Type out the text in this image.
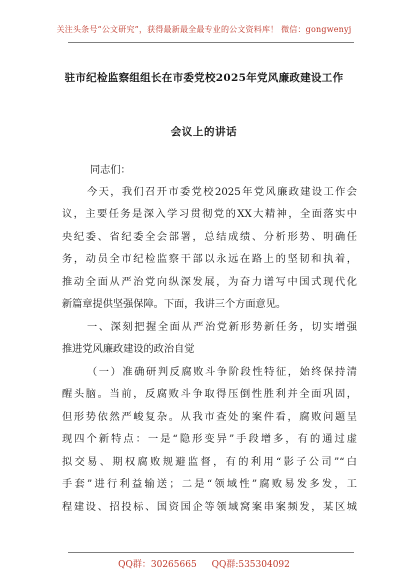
关注头条号“公文研究”，获得最新最全最专业的公文资料库！ 微信：gongwenyj
驻市纪检监察组组长在市委党校2025年党风廉政建设工作
会议上的讲话
同志们：
今天，我们召开市委党校2025年党风廉政建设工作会
议，主要任务是深入学习贯彻党的XX大精神，全面落实中
央纪委、省纪委全会部署，总结成绩、分析形势、明确任
务，动员全市纪检监察干部以永远在路上的坚韧和执着，
推动全面从严治党向纵深发展，为奋力谱写中国式现代化
新篇章提供坚强保障。下面，我讲三个方面意见。
一、深刻把握全面从严治党新形势新任务，切实增强
推进党风廉政建设的政治自觉
（一）准确研判反腐败斗争阶段性特征，始终保持清
醒头脑。当前，反腐败斗争取得压倒性胜利并全面巩固，
但形势依然严峻复杂。从我市查处的案件看，腐败问题呈
现四个新特点：一是“隐形变异”手段增多，有的通过虚
拟交易、期权腐败规避监督，有的利用“影子公司”“白
手套”进行利益输送；二是“领域性”腐败易发多发，工
程建设、招投标、国资国企等领域窝案串案频发，某区城
QQ群：30265665 QQ群:535304092
